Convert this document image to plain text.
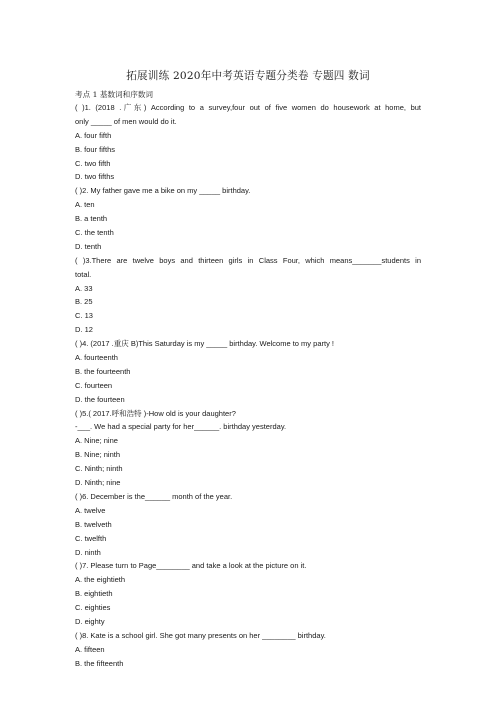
拓展训练 2020年中考英语专题分类卷 专题四 数词
考点 1 基数词和序数词
( )1. (2018 .广东) According to a survey,four out of five women do housework at home, but
only _____ of men would do it.
A. four fifth
B. four fifths
C. two fifth
D. two fifths
( )2. My father gave me a bike on my _____ birthday.
A. ten
B. a tenth
C. the tenth
D. tenth
( )3.There are twelve boys and thirteen girls in Class Four, which means_______students in
total.
A. 33
B. 25
C. 13
D. 12
( )4. (2017 .重庆 B)This Saturday is my _____ birthday. Welcome to my party !
A. fourteenth
B. the fourteenth
C. fourteen
D. the fourteen
( )5.( 2017.呼和浩特 )-How old is your daughter?
-___. We had a special party for her______. birthday yesterday.
A. Nine; nine
B. Nine; ninth
C. Ninth; ninth
D. Ninth; nine
( )6. December is the______ month of the year.
A. twelve
B. twelveth
C. twelfth
D. ninth
( )7. Please turn to Page________ and take a look at the picture on it.
A. the eightieth
B. eightieth
C. eighties
D. eighty
( )8. Kate is a school girl. She got many presents on her ________ birthday.
A. fifteen
B. the fifteenth
